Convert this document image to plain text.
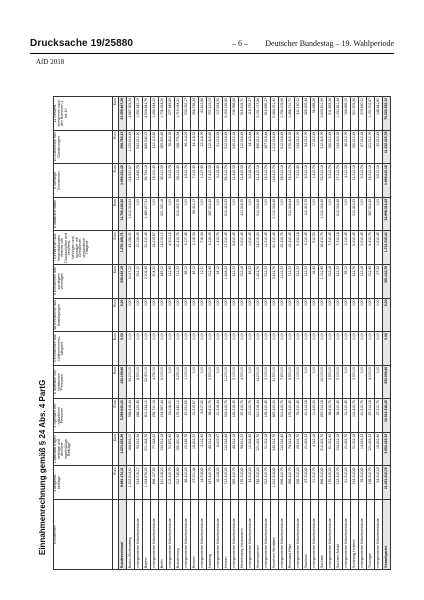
Drucksache 19/25880	– 6 – Deutscher Bundestag – 19. Wahlperiode
AfD 2018
Einnahmenrechnung gemäß § 24 Abs. 4 PartG	Einnahmen	1 Mitglieds-beiträge	2 Mandats-träger-beiträge und ähnliche regelmäßige Beiträge	3 Spenden von natürlichen Personen	4 Spenden von juristischen Personen	5 Einnahmen aus Unternehmens-tätigkeit	5a Einnahmen aus Beteiligungen	6 Einnahmen aus sonstigem Vermögen	7 Einnahmen aus Veranstaltungen, Vertrieb von Druckschriften und Veröffent-lichungen und sonstiger mit Einnahmen verbundener Tätigkeit	8 Staatliche Mittel	9 Sonstige Einnahmen	10 Zuschüsse von Gliederungen	11 Gesamt-einnahmen nach den Nummern 1 bis 10
	Euro	Euro	Euro	Euro	Euro	Euro	Euro	Euro	Euro	Euro	Euro	Euro
Bundesverband	8.881.174,11	1.023.203,35	5.256.040,43	434.150,00	0,00	0,00	330.016,15	1.276.168,71	14.760.100,20	1.090.211,45	298.783,13	33.359.847,28
Baden-Württemberg	1.302.614,61	188.853,00	558.818,44	39.200,00	0,00	0,00	3.017,22	43.198,32	1.612.316,63	114.320,67	1.025.614,45	4.887.953,34
untergeordnete Gebietsverbände	614.319,17	95.512,34	288.123,45	8.500,00	0,00	0,00	912,10	20.118,45	0,00	21.845,78	543.210,90	1.592.542,19
Bayern	1.154.876,33	201.418,76	601.234,12	22.400,00	0,00	0,00	2.106,45	51.312,44	1.489.217,31	96.734,18	889.542,17	4.508.841,76
untergeordnete Gebietsverbände	498.127,55	77.318,22	256.710,18	4.750,00	0,00	0,00	604,33	18.215,67	0,00	19.102,45	412.115,82	1.286.944,22
Berlin	410.318,22	134.512,18	214.567,44	6.000,00	0,00	0,00	845,12	14.219,12	621.330,18	45.110,35	289.421,65	1.736.324,26
untergeordnete Gebietsverbände	102.415,76	31.872,45	54.118,90	0,00	0,00	0,00	112,45	4.302,18	0,00	6.215,78	78.412,33	277.449,85
Brandenburg	312.745,89	156.320,45	178.345,12	9.250,00	0,00	0,00	712,33	12.415,76	812.415,76	38.112,45	198.776,54	1.719.094,30
untergeordnete Gebietsverbände	88.412,18	22.145,78	47.231,65	1.000,00	0,00	0,00	98,12	3.117,45	0,00	4.912,76	66.114,23	233.032,17
Bremen	67.201,44	18.412,33	31.215,67	0,00	0,00	0,00	45,12	2.118,34	98.412,17	7.215,45	44.118,32	268.738,84
untergeordnete Gebietsverbände	14.318,45	3.112,45	8.917,32	0,00	0,00	0,00	12,11	716,34	0,00	1.217,45	12.118,76	40.412,88
Hamburg	187.415,76	45.312,18	98.412,76	2.500,00	0,00	0,00	312,45	6.118,45	287.312,45	17.412,33	112.415,65	757.212,03
untergeordnete Gebietsverbände	42.118,33	8.415,67	21.318,44	0,00	0,00	0,00	34,12	1.412,76	0,00	3.118,45	31.216,78	107.634,55
Hessen	712.415,33	112.318,44	318.415,76	11.200,00	0,00	0,00	1.418,33	27.312,45	812.415,33	56.312,76	512.318,45	3.064.126,85
untergeordnete Gebietsverbände	289.412,76	48.312,18	142.318,45	2.000,00	0,00	0,00	412,33	9.812,45	0,00	12.418,33	245.312,18	749.998,68
Mecklenburg-Vorpommern	176.312,45	98.412,33	87.415,76	4.500,00	0,00	0,00	312,18	5.812,44	412.318,76	21.415,33	112.316,45	918.815,70
untergeordnete Gebietsverbände	44.312,18	12.318,45	23.112,76	0,00	0,00	0,00	45,33	1.612,45	0,00	3.218,76	34.115,44	118.735,37
Niedersachsen	745.312,18	121.415,76	312.318,44	14.200,00	0,00	0,00	1.412,76	24.315,33	912.318,45	61.412,18	498.312,76	3.191.017,86
untergeordnete Gebietsverbände	312.415,76	51.312,18	156.312,45	3.000,00	0,00	0,00	512,33	11.312,45	0,00	14.312,76	267.318,44	816.496,37
Nordrhein-Westfalen	1.612.318,45	245.312,76	687.415,33	31.500,00	0,00	0,00	3.412,76	61.312,44	2.012.318,45	118.412,76	1.212.318,45	5.984.321,40
untergeordnete Gebietsverbände	698.412,76	112.318,45	312.415,76	7.800,00	0,00	0,00	1.112,33	23.415,76	0,00	28.312,18	612.318,45	1.796.105,69
Rheinland-Pfalz	398.412,76	78.312,18	176.312,45	6.500,00	0,00	0,00	712,33	13.412,45	512.318,44	34.312,76	276.415,33	1.496.710,70
untergeordnete Gebietsverbände	156.312,18	28.415,76	78.312,45	1.000,00	0,00	0,00	212,33	5.312,18	0,00	7.312,45	134.312,76	411.190,11
Saarland	87.312,45	21.415,33	41.312,18	0,00	0,00	0,00	112,33	3.112,45	112.415,76	8.312,18	54.312,76	328.305,44
untergeordnete Gebietsverbände	21.312,76	4.312,18	11.415,33	0,00	0,00	0,00	18,45	912,33	0,00	1.412,76	17.312,45	56.696,26
Sachsen	498.312,45	212.415,76	287.312,18	12.000,00	0,00	0,00	1.012,45	18.412,76	1.212.318,45	52.312,18	312.415,76	2.606.511,99
untergeordnete Gebietsverbände	176.415,33	61.312,45	98.415,76	2.500,00	0,00	0,00	312,18	7.312,45	0,00	9.312,76	156.312,45	511.893,38
Sachsen-Anhalt	212.415,76	134.312,18	98.312,45	5.000,00	0,00	0,00	412,33	7.312,18	612.318,45	27.312,76	134.415,33	1.231.811,44
untergeordnete Gebietsverbände	61.312,18	21.415,76	31.312,45	0,00	0,00	0,00	78,12	2.112,45	0,00	4.112,33	48.312,76	168.656,05
Schleswig-Holstein	234.312,45	51.312,18	112.415,76	3.500,00	0,00	0,00	412,76	8.312,45	312.415,33	21.312,18	156.312,45	900.305,56
untergeordnete Gebietsverbände	78.312,45	14.415,33	41.312,76	0,00	0,00	0,00	112,18	2.912,45	0,00	5.312,76	67.312,18	209.690,11
Thüringen	198.312,76	121.415,33	87.312,18	4.000,00	0,00	0,00	312,45	6.412,76	587.312,45	24.312,18	121.312,76	1.150.702,87
untergeordnete Gebietsverbände	54.312,18	18.412,45	27.312,76	0,00	0,00	0,00	67,33	1.812,45	0,00	3.612,18	43.312,45	148.841,80
Gesamtpartei	21.451.312,76	3.552.415,33	10.512.318,45	632.900,00	0,00	0,00	351.412,76	1.712.315,44	24.698.312,45	1.999.412,18	11.312.415,76	76.222.815,13
